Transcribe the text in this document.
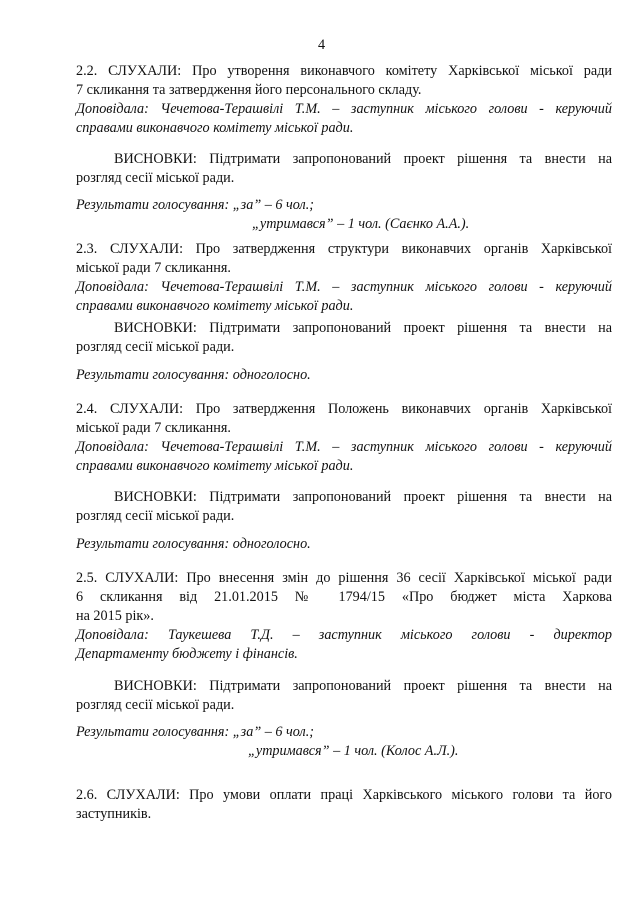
4
2.2. СЛУХАЛИ: Про утворення виконавчого комітету Харківської міської ради
7 скликання та затвердження його персонального складу.
Доповідала: Чечетова-Терашвілі Т.М. – заступник міського голови - керуючий
справами виконавчого комітету міської ради.
ВИСНОВКИ: Підтримати запропонований проект рішення та внести на
розгляд сесії міської ради.
Результати голосування: „за” – 6 чол.;
„утримався” – 1 чол. (Саєнко А.А.).
2.3. СЛУХАЛИ: Про затвердження структури виконавчих органів Харківської
міської ради 7 скликання.
Доповідала: Чечетова-Терашвілі Т.М. – заступник міського голови - керуючий
справами виконавчого комітету міської ради.
ВИСНОВКИ: Підтримати запропонований проект рішення та внести на
розгляд сесії міської ради.
Результати голосування: одноголосно.
2.4. СЛУХАЛИ: Про затвердження Положень виконавчих органів Харківської
міської ради 7 скликання.
Доповідала: Чечетова-Терашвілі Т.М. – заступник міського голови - керуючий
справами виконавчого комітету міської ради.
ВИСНОВКИ: Підтримати запропонований проект рішення та внести на
розгляд сесії міської ради.
Результати голосування: одноголосно.
2.5. СЛУХАЛИ: Про внесення змін до рішення 36 сесії Харківської міської ради
6 скликання від 21.01.2015 № 1794/15 «Про бюджет міста Харкова
на 2015 рік».
Доповідала: Таукешева Т.Д. – заступник міського голови - директор
Департаменту бюджету і фінансів.
ВИСНОВКИ: Підтримати запропонований проект рішення та внести на
розгляд сесії міської ради.
Результати голосування: „за” – 6 чол.;
„утримався” – 1 чол. (Колос А.Л.).
2.6. СЛУХАЛИ: Про умови оплати праці Харківського міського голови та його
заступників.
